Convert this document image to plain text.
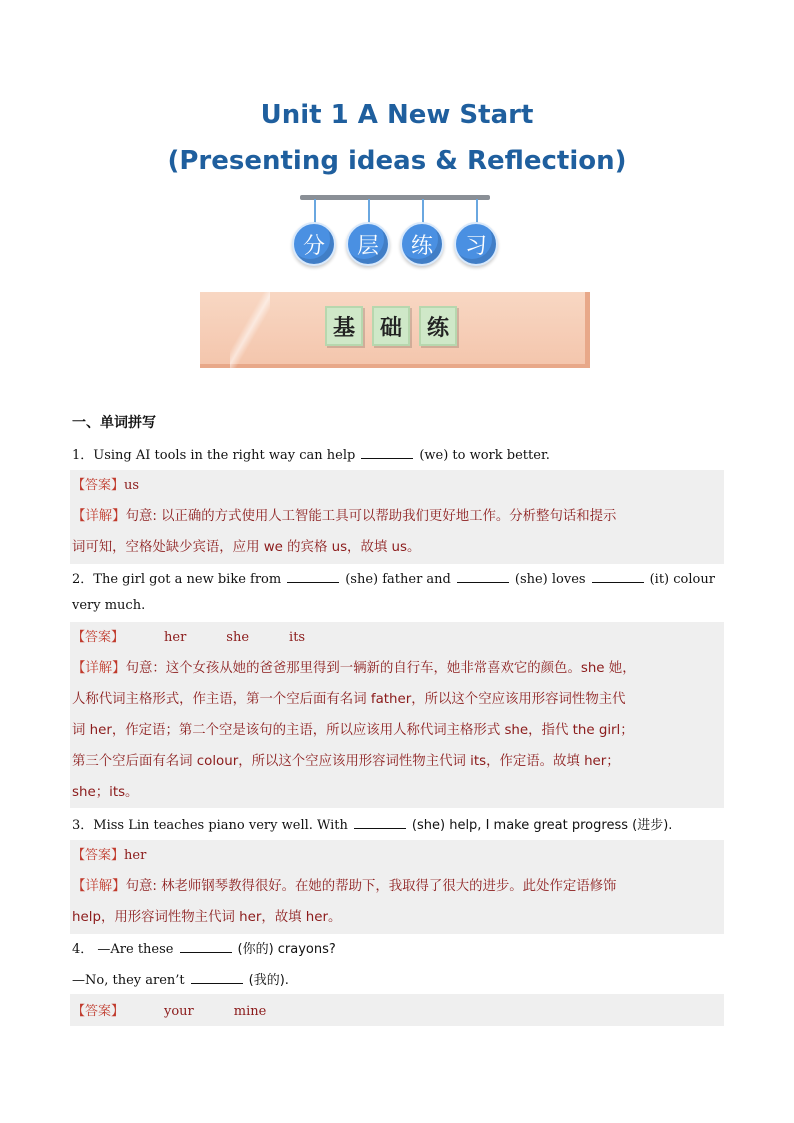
Unit 1 A New Start
(Presenting ideas & Reflection)
分	层	练	习
基	础	练
一、单词拼写
1．Using AI tools in the right way can help	(we) to work better.
【答案】us
【详解】句意: 以正确的方式使用人工智能工具可以帮助我们更好地工作。分析整句话和提示
词可知，空格处缺少宾语，应用 we 的宾格 us，故填 us。
2．The girl got a new bike from	(she) father and	(she) loves	(it) colour
very much.
【答案】	her	she	its
【详解】句意：这个女孩从她的爸爸那里得到一辆新的自行车，她非常喜欢它的颜色。she 她，
人称代词主格形式，作主语，第一个空后面有名词 father，所以这个空应该用形容词性物主代
词 her，作定语；第二个空是该句的主语，所以应该用人称代词主格形式 she，指代 the girl；
第三个空后面有名词 colour，所以这个空应该用形容词性物主代词 its，作定语。故填 her；
she；its。
3．Miss Lin teaches piano very well. With	(she) help, I make great progress (进步).
【答案】her
【详解】句意: 林老师钢琴教得很好。在她的帮助下，我取得了很大的进步。此处作定语修饰
help，用形容词性物主代词 her，故填 her。
4． —Are these	(你的) crayons?
—No, they aren’t	(我的).
【答案】	your	mine
